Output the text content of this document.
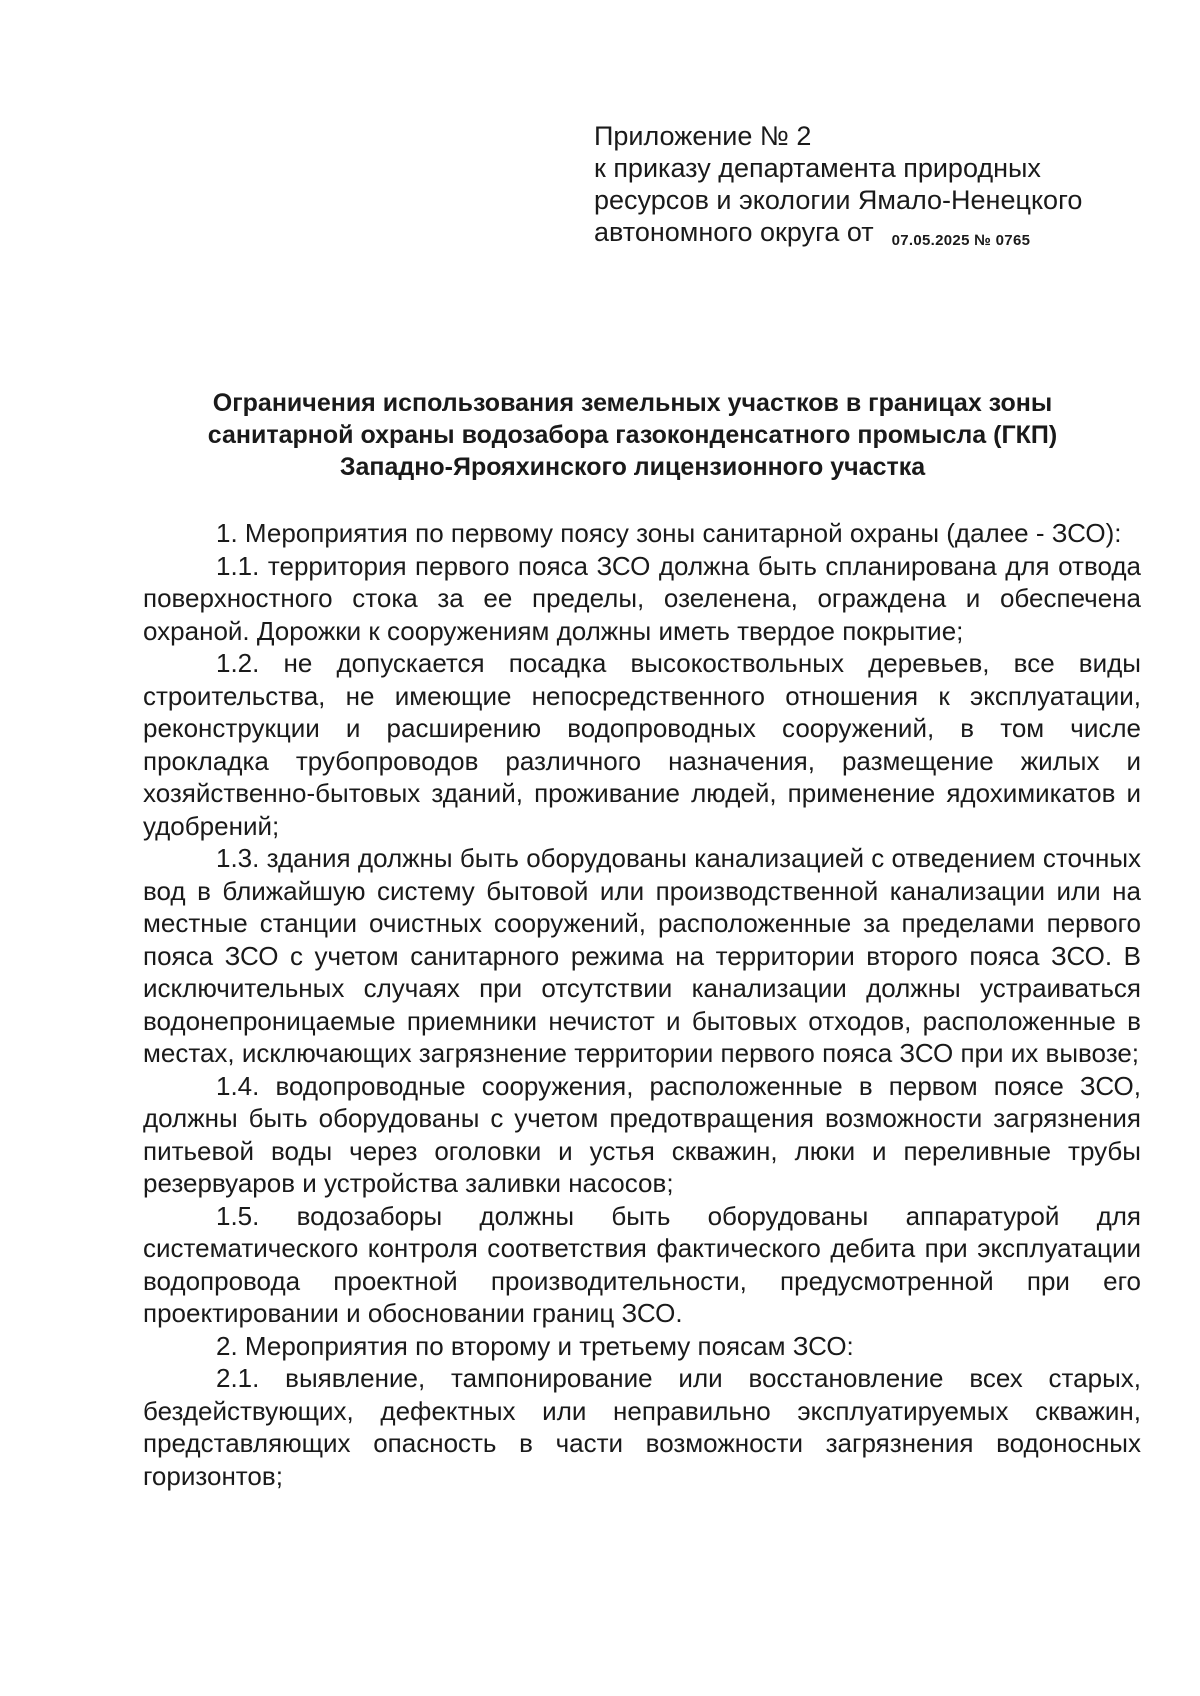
Приложение № 2
к приказу департамента природных
ресурсов и экологии Ямало-Ненецкого
автономного округа от 07.05.2025 № 0765
Ограничения использования земельных участков в границах зоны
санитарной охраны водозабора газоконденсатного промысла (ГКП)
Западно-Ярояхинского лицензионного участка

1. Мероприятия по первому поясу зоны санитарной охраны (далее - ЗСО):

1.1. территория первого пояса ЗСО должна быть спланирована для отвода поверхностного стока за ее пределы, озеленена, ограждена и обеспечена охраной. Дорожки к сооружениям должны иметь твердое покрытие;

1.2. не допускается посадка высокоствольных деревьев, все виды строительства, не имеющие непосредственного отношения к эксплуатации, реконструкции и расширению водопроводных сооружений, в том числе прокладка трубопроводов различного назначения, размещение жилых и хозяйственно-бытовых зданий, проживание людей, применение ядохимикатов и удобрений;

1.3. здания должны быть оборудованы канализацией с отведением сточных вод в ближайшую систему бытовой или производственной канализации или на местные станции очистных сооружений, расположенные за пределами первого пояса ЗСО с учетом санитарного режима на территории второго пояса ЗСО. В исключительных случаях при отсутствии канализации должны устраиваться водонепроницаемые приемники нечистот и бытовых отходов, расположенные в местах, исключающих загрязнение территории первого пояса ЗСО при их вывозе;

1.4. водопроводные сооружения, расположенные в первом поясе ЗСО, должны быть оборудованы с учетом предотвращения возможности загрязнения питьевой воды через оголовки и устья скважин, люки и переливные трубы резервуаров и устройства заливки насосов;

1.5. водозаборы должны быть оборудованы аппаратурой для систематического контроля соответствия фактического дебита при эксплуатации водопровода проектной производительности, предусмотренной при его проектировании и обосновании границ ЗСО.

2. Мероприятия по второму и третьему поясам ЗСО:

2.1. выявление, тампонирование или восстановление всех старых, бездействующих, дефектных или неправильно эксплуатируемых скважин, представляющих опасность в части возможности загрязнения водоносных горизонтов;
